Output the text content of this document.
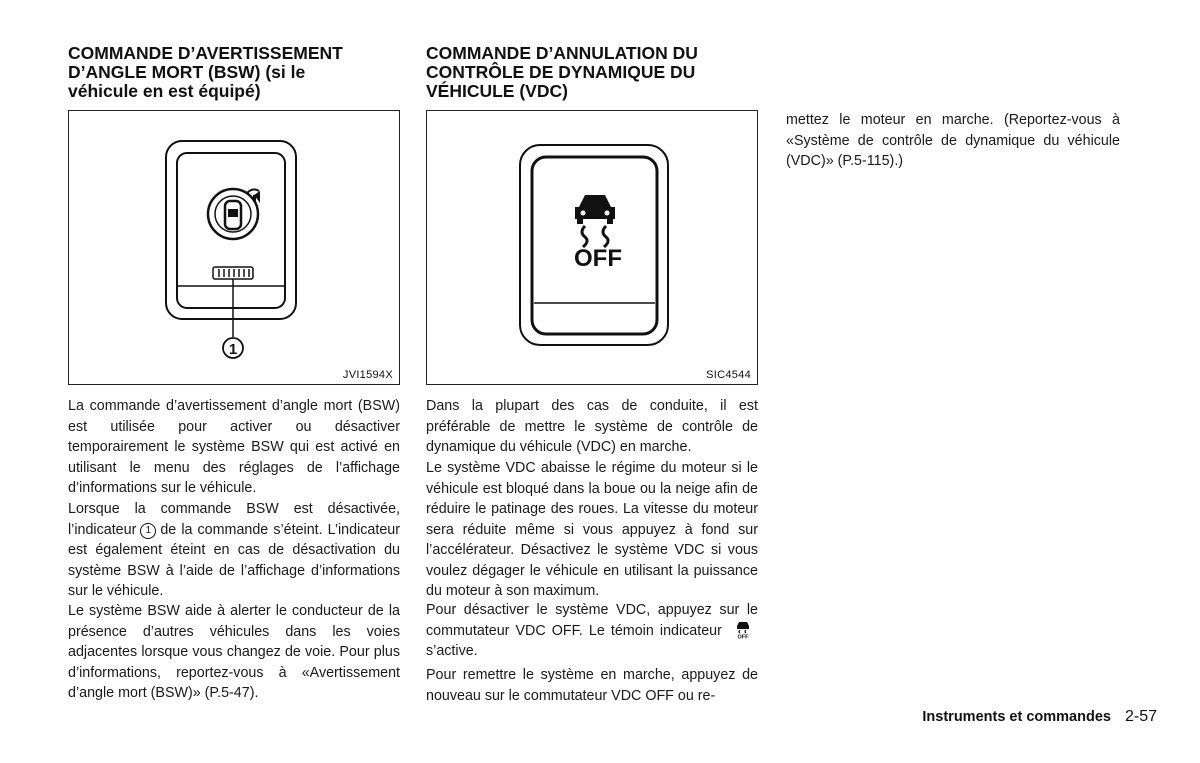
COMMANDE D’AVERTISSEMENT
D’ANGLE MORT (BSW) (si le
véhicule en est équipé)
1
JVI1594X

La commande d’avertissement d’angle mort (BSW) est utilisée pour activer ou désactiver temporairement le système BSW qui est activé en utilisant le menu des réglages de l’affichage d’informations sur le véhicule.

Lorsque la commande BSW est désactivée, l’indicateur 1 de la commande s’éteint. L’indicateur est également éteint en cas de désactivation du système BSW à l’aide de l’affichage d’informations sur le véhicule.

Le système BSW aide à alerter le conducteur de la présence d’autres véhicules dans les voies adjacentes lorsque vous changez de voie. Pour plus d’informations, reportez-vous à «Avertissement d’angle mort (BSW)» (P.5-47).

COMMANDE D’ANNULATION DU
CONTRÔLE DE DYNAMIQUE DU
VÉHICULE (VDC)
OFF
SIC4544

Dans la plupart des cas de conduite, il est préférable de mettre le système de contrôle de dynamique du véhicule (VDC) en marche.

Le système VDC abaisse le régime du moteur si le véhicule est bloqué dans la boue ou la neige afin de réduire le patinage des roues. La vitesse du moteur sera réduite même si vous appuyez à fond sur l’accélérateur. Désactivez le système VDC si vous voulez dégager le véhicule en utilisant la puissance du moteur à son maximum.

Pour désactiver le système VDC, appuyez sur le commutateur VDC OFF. Le témoin indicateur	OFF
s’active.

Pour remettre le système en marche, appuyez de nouveau sur le commutateur VDC OFF ou re-

mettez le moteur en marche. (Reportez-vous à «Système de contrôle de dynamique du véhicule (VDC)» (P.5-115).)

Instruments et commandes 2-57
